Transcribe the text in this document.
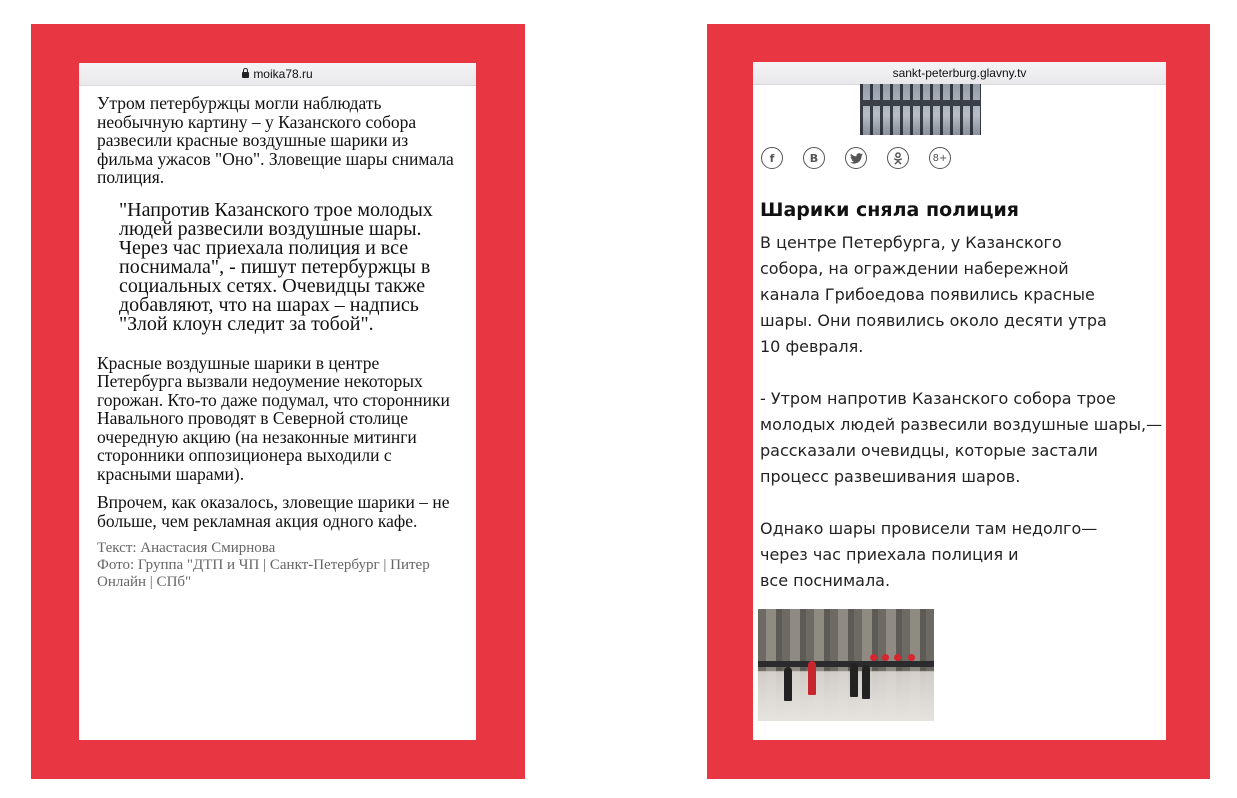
moika78.ru

Утром петербуржцы могли наблюдать необычную картину – у Казанского собора развесили красные воздушные шарики из фильма ужасов "Оно". Зловещие шары снимала полиция.

"Напротив Казанского трое молодых людей развесили воздушные шары. Через час приехала полиция и все поснимала", - пишут петербуржцы в социальных сетях. Очевидцы также добавляют, что на шарах – надпись "Злой клоун следит за тобой".

Красные воздушные шарики в центре Петербурга вызвали недоумение некоторых горожан. Кто-то даже подумал, что сторонники Навального проводят в Северной столице очередную акцию (на незаконные митинги сторонники оппозиционера выходили с красными шарами).

Впрочем, как оказалось, зловещие шарики – не больше, чем рекламная акция одного кафе.

Текст: Анастасия Смирнова
Фото: Группа "ДТП и ЧП | Санкт-Петербург | Питер Онлайн | СПб"

sankt-peterburg.glavny.tv
f	B	8+
Шарики сняла полиция

В центре Петербурга, у Казанского собора, на ограждении набережной канала Грибоедова появились красные шары. Они появились около десяти утра 10 февраля.

- Утром напротив Казанского собора трое молодых людей развесили воздушные шары,— рассказали очевидцы, которые застали процесс развешивания шаров.

Однако шары провисели там недолго—
через час приехала полиция и
все поснимала.
